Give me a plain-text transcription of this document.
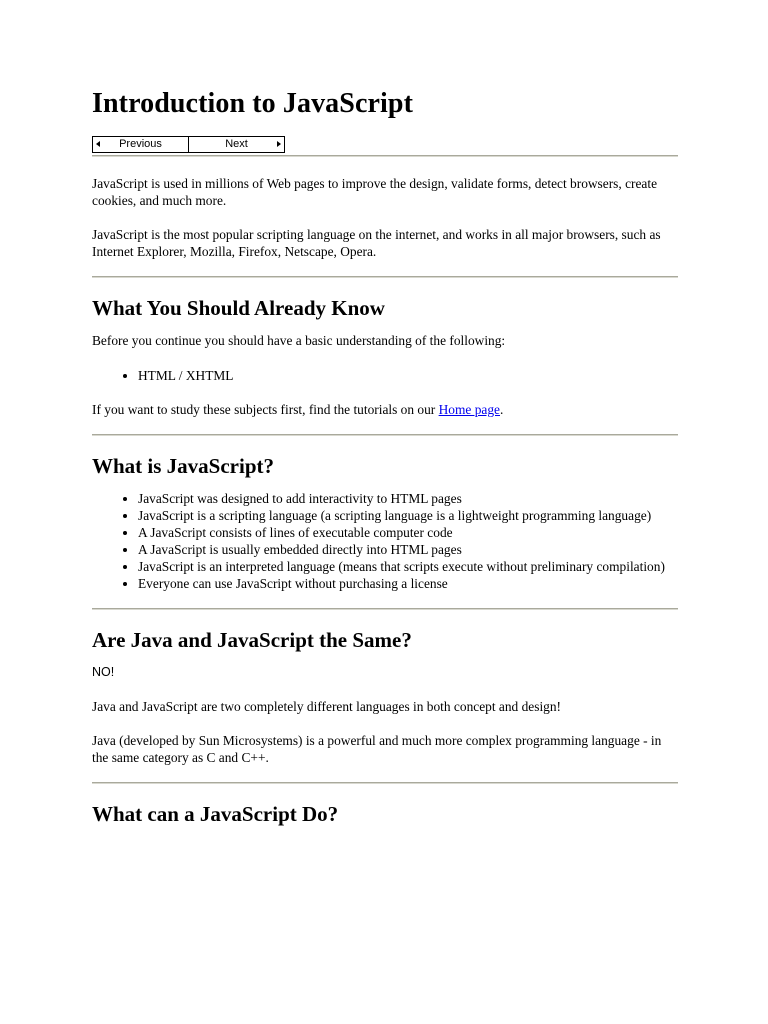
Introduction to JavaScript
Previous	Next

JavaScript is used in millions of Web pages to improve the design, validate forms, detect browsers, create cookies, and much more.

JavaScript is the most popular scripting language on the internet, and works in all major browsers, such as Internet Explorer, Mozilla, Firefox, Netscape, Opera.

What You Should Already Know

Before you continue you should have a basic understanding of the following:

• HTML / XHTML

If you want to study these subjects first, find the tutorials on our Home page.

What is JavaScript?
• JavaScript was designed to add interactivity to HTML pages
• JavaScript is a scripting language (a scripting language is a lightweight programming language)
• A JavaScript consists of lines of executable computer code
• A JavaScript is usually embedded directly into HTML pages
• JavaScript is an interpreted language (means that scripts execute without preliminary compilation)
• Everyone can use JavaScript without purchasing a license
Are Java and JavaScript the Same?

NO!

Java and JavaScript are two completely different languages in both concept and design!

Java (developed by Sun Microsystems) is a powerful and much more complex programming language - in the same category as C and C++.

What can a JavaScript Do?
